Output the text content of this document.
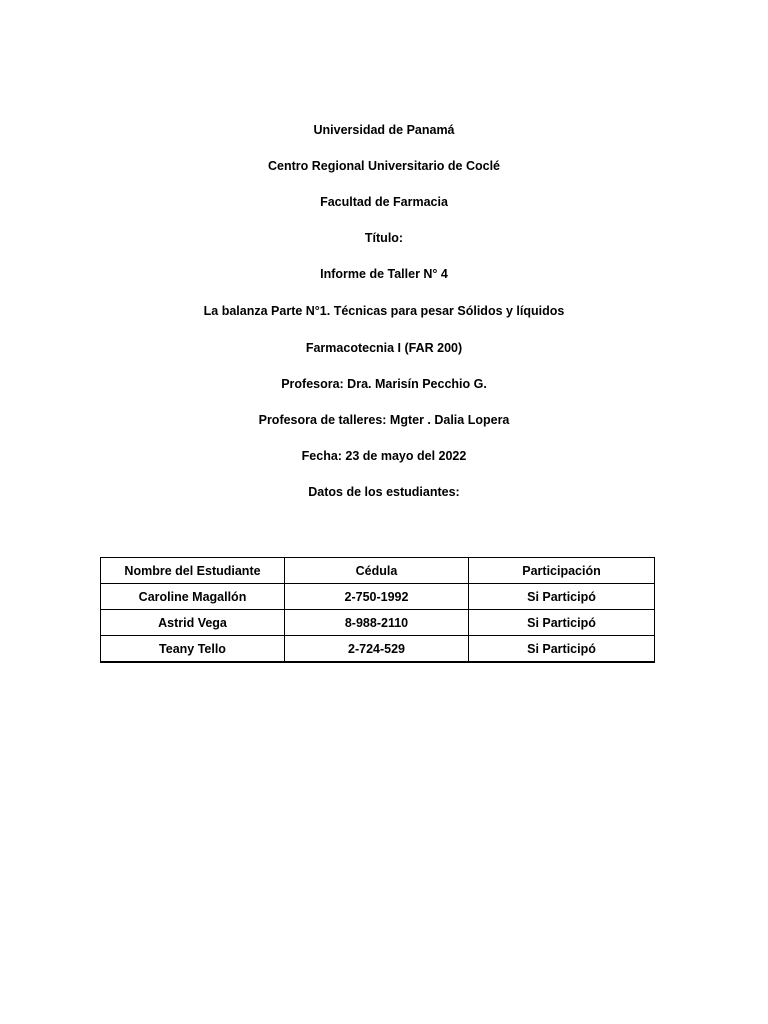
Universidad de Panamá
Centro Regional Universitario de Coclé
Facultad de Farmacia
Título:
Informe de Taller N° 4
La balanza Parte N°1. Técnicas para pesar Sólidos y líquidos
Farmacotecnia I (FAR 200)
Profesora: Dra. Marisín Pecchio G.
Profesora de talleres: Mgter . Dalia Lopera
Fecha: 23 de mayo del 2022
Datos de los estudiantes:
Nombre del Estudiante	Cédula	Participación
Caroline Magallón	2-750-1992	Si Participó
Astrid Vega	8-988-2110	Si Participó
Teany Tello	2-724-529	Si Participó
